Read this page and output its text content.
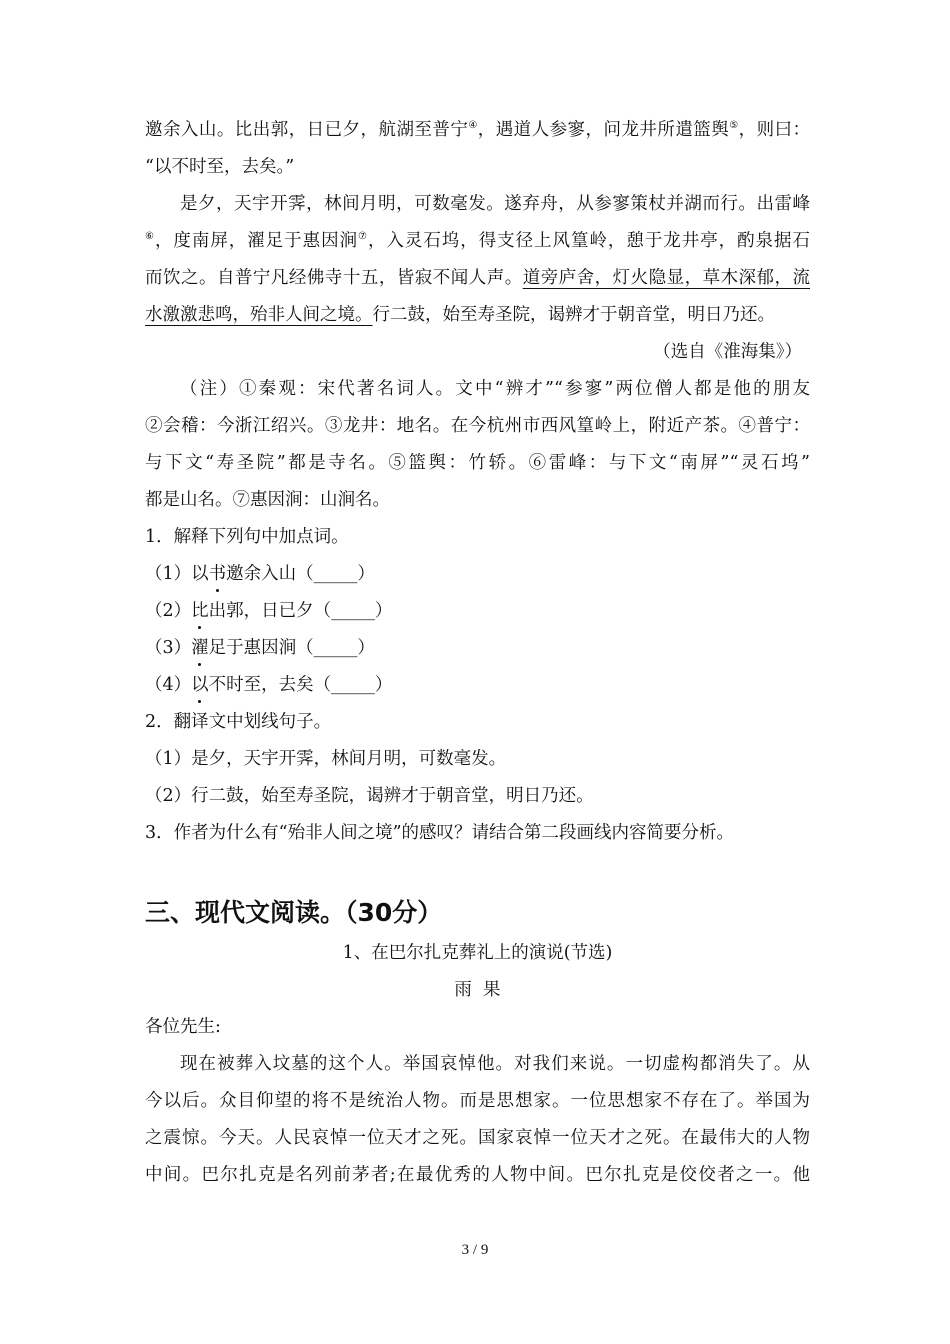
邀余入山。比出郭，日已夕，航湖至普宁④，遇道人参寥，问龙井所遣篮舆⑤，则曰：
“以不时至，去矣。”
是夕，天宇开霁，林间月明，可数毫发。遂弃舟，从参寥策杖并湖而行。出雷峰
⑥，度南屏，濯足于惠因涧⑦，入灵石坞，得支径上风篁岭，憩于龙井亭，酌泉据石
而饮之。自普宁凡经佛寺十五，皆寂不闻人声。道旁庐舍，灯火隐显，草木深郁，流
水激激悲鸣，殆非人间之境。行二鼓，始至寿圣院，谒辨才于朝音堂，明日乃还。
（选自《淮海集》）
（注）①秦观：宋代著名词人。文中“辨才”“参寥”两位僧人都是他的朋友
②会稽：今浙江绍兴。③龙井：地名。在今杭州市西风篁岭上，附近产茶。④普宁：
与下文“寿圣院”都是寺名。⑤篮舆：竹轿。⑥雷峰：与下文“南屏”“灵石坞”
都是山名。⑦惠因涧：山涧名。
1．解释下列句中加点词。
（1）以书邀余入山（_____）
（2）比出郭，日已夕（_____）
（3）濯足于惠因涧（_____）
（4）以不时至，去矣（_____）
2．翻译文中划线句子。
（1）是夕，天宇开霁，林间月明，可数毫发。
（2）行二鼓，始至寿圣院，谒辨才于朝音堂，明日乃还。
3．作者为什么有“殆非人间之境”的感叹？请结合第二段画线内容简要分析。
三、现代文阅读。（30分）
1、在巴尔扎克葬礼上的演说(节选)
雨  果
各位先生:
现在被葬入坟墓的这个人。举国哀悼他。对我们来说。一切虚构都消失了。从
今以后。众目仰望的将不是统治人物。而是思想家。一位思想家不存在了。举国为
之震惊。今天。人民哀悼一位天才之死。国家哀悼一位天才之死。在最伟大的人物
中间。巴尔扎克是名列前茅者;在最优秀的人物中间。巴尔扎克是佼佼者之一。他
3 / 9
